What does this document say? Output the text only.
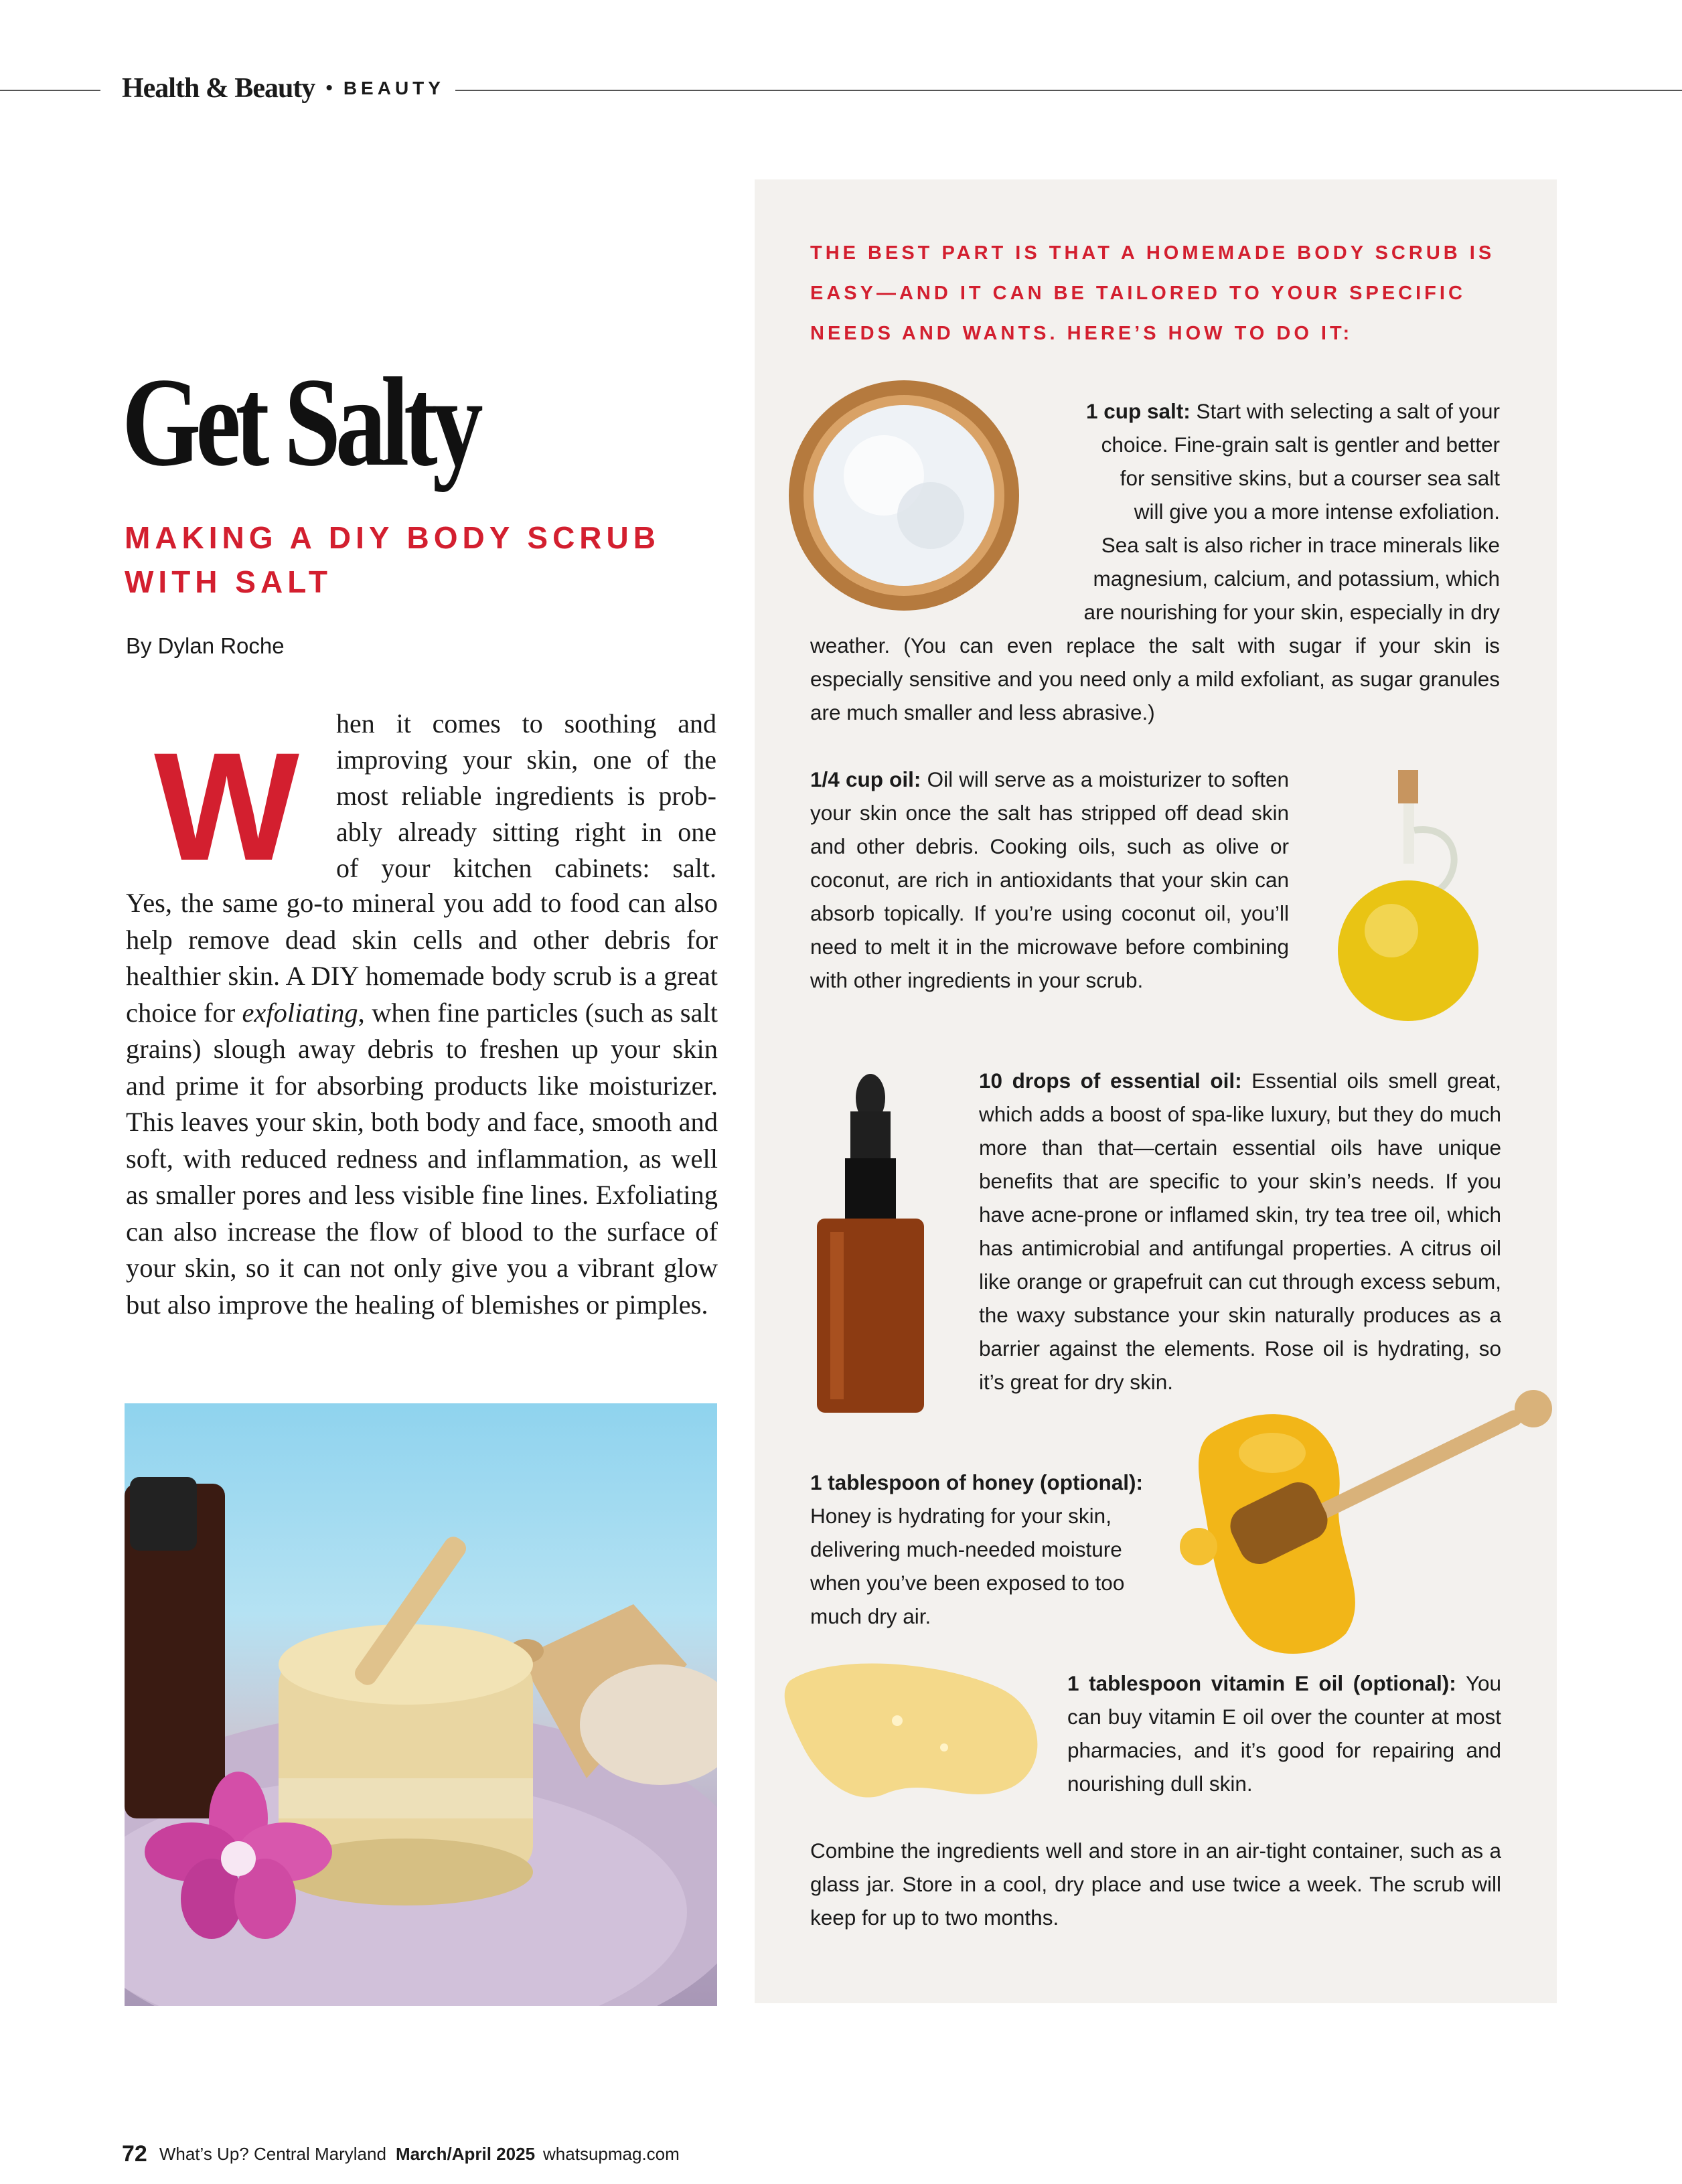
Health & Beauty • BEAUTY
Get Salty
MAKING A DIY BODY SCRUB WITH SALT
By Dylan Roche
W hen it comes to soothing and
improving your skin, one of the
most reliable ingredients is prob-
ably already sitting right in one
of your kitchen cabinets: salt.

Yes, the same go-to mineral you add to food can also help remove dead skin cells and other debris for healthier skin. A DIY homemade body scrub is a great choice for exfoliating, when fine particles (such as salt grains) slough away debris to freshen up your skin and prime it for absorbing products like moisturizer. This leaves your skin, both body and face, smooth and soft, with reduced redness and inflammation, as well as smaller pores and less visible fine lines. Exfoliating can also increase the flow of blood to the surface of your skin, so it can not only give you a vibrant glow but also improve the healing of blemishes or pimples.

THE BEST PART IS THAT A HOMEMADE BODY SCRUB IS EASY—AND IT CAN BE TAILORED TO YOUR SPECIFIC NEEDS AND WANTS. HERE’S HOW TO DO IT:

1 cup salt: Start with selecting a salt of your
choice. Fine-grain salt is gentler and better
for sensitive skins, but a courser sea salt
will give you a more intense exfoliation.
Sea salt is also richer in trace minerals like
magnesium, calcium, and potassium, which
are nourishing for your skin, especially in dry

weather. (You can even replace the salt with sugar if your skin is especially sensitive and you need only a mild exfoliant, as sugar granules are much smaller and less abrasive.)

1/4 cup oil: Oil will serve as a moisturizer to soften your skin once the salt has stripped off dead skin and other debris. Cooking oils, such as olive or coconut, are rich in antioxidants that your skin can absorb topically. If you’re using coconut oil, you’ll need to melt it in the microwave before combining with other ingredients in your scrub.

10 drops of essential oil: Essential oils smell great, which adds a boost of spa-like luxury, but they do much more than that—certain essential oils have unique benefits that are specific to your skin’s needs. If you have acne-prone or inflamed skin, try tea tree oil, which has antimicrobial and antifungal properties. A citrus oil like orange or grapefruit can cut through excess sebum, the waxy substance your skin naturally produces as a barrier against the elements. Rose oil is hydrating, so it’s great for dry skin.

1 tablespoon of honey (optional): Honey is hydrating for your skin, delivering much-needed moisture when you’ve been exposed to too much dry air.

1 tablespoon vitamin E oil (optional): You can buy vitamin E oil over the counter at most pharmacies, and it’s good for repairing and nourishing dull skin.

Combine the ingredients well and store in an air-tight container, such as a glass jar. Store in a cool, dry place and use twice a week. The scrub will keep for up to two months.

72 What’s Up? Central Maryland March/April 2025 whatsupmag.com
